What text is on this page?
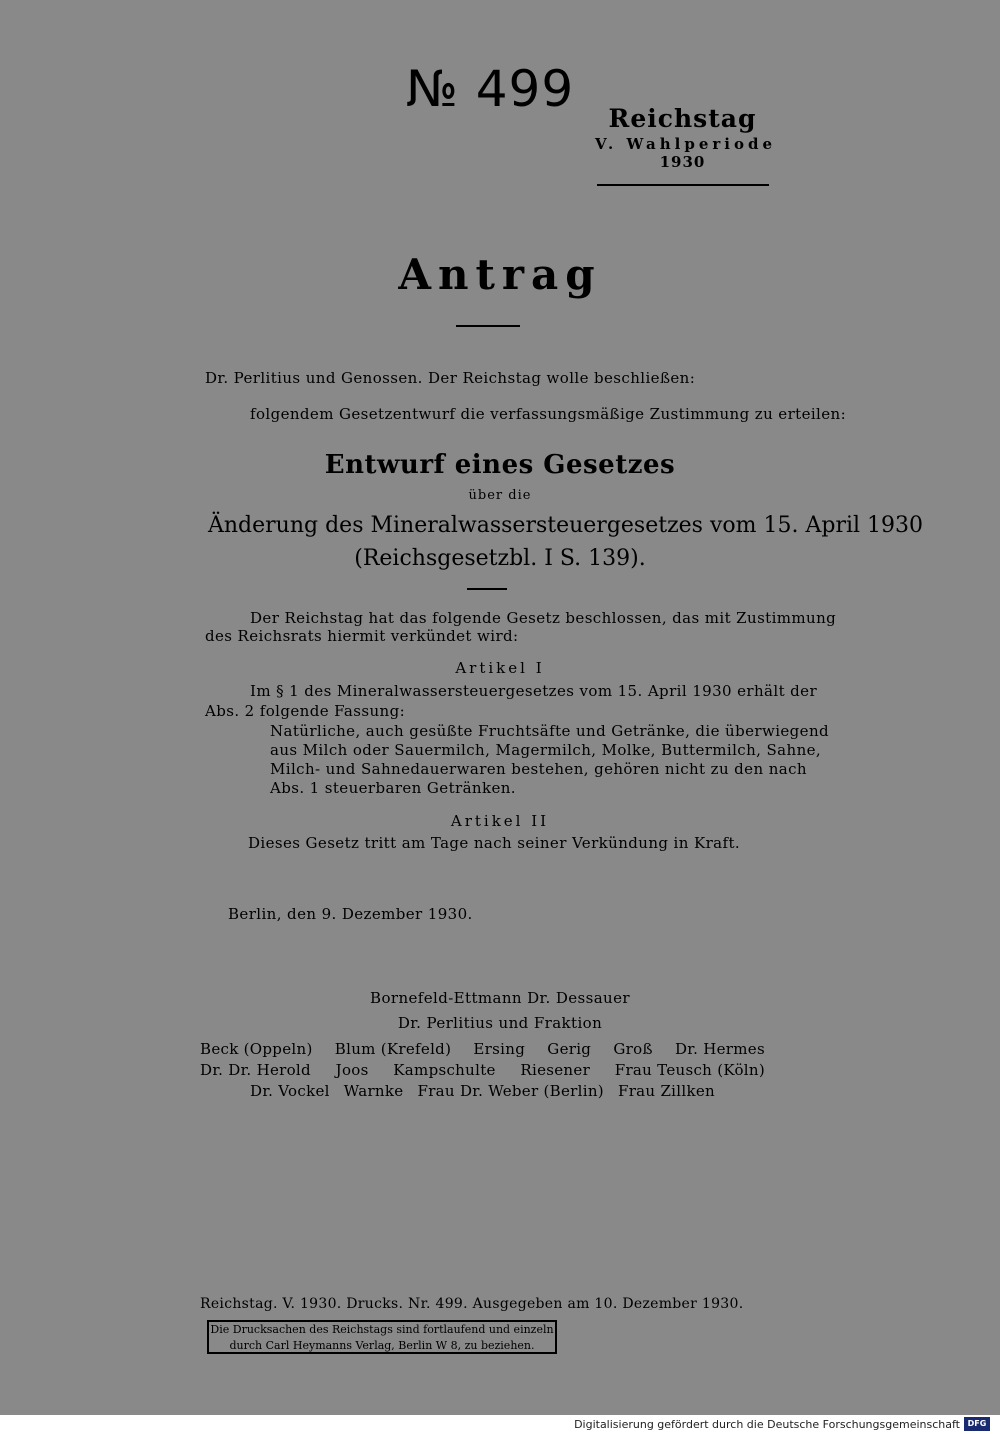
№ 499
Reichstag
V. Wahlperiode
1930
Antrag
Dr. Perlitius und Genossen. Der Reichstag wolle beschließen:
folgendem Gesetzentwurf die verfassungsmäßige Zustimmung zu erteilen:
Entwurf eines Gesetzes
über die
Änderung des Mineralwassersteuergesetzes vom 15. April 1930
(Reichsgesetzbl. I S. 139).
Der Reichstag hat das folgende Gesetz beschlossen, das mit Zustimmung
des Reichsrats hiermit verkündet wird:
Artikel I
Im § 1 des Mineralwassersteuergesetzes vom 15. April 1930 erhält der
Abs. 2 folgende Fassung:
Natürliche, auch gesüßte Fruchtsäfte und Getränke, die überwiegend
aus Milch oder Sauermilch, Magermilch, Molke, Buttermilch, Sahne,
Milch- und Sahnedauerwaren bestehen, gehören nicht zu den nach
Abs. 1 steuerbaren Getränken.
Artikel II
Dieses Gesetz tritt am Tage nach seiner Verkündung in Kraft.
Berlin, den 9. Dezember 1930.
Bornefeld-Ettmann Dr. Dessauer
Dr. Perlitius und Fraktion
Beck (Oppeln) Blum (Krefeld) Ersing Gerig Groß Dr. Hermes
Dr. Dr. Herold Joos Kampschulte Riesener Frau Teusch (Köln)
Dr. Vockel Warnke Frau Dr. Weber (Berlin) Frau Zillken
Reichstag. V. 1930. Drucks. Nr. 499. Ausgegeben am 10. Dezember 1930.
Die Drucksachen des Reichstags sind fortlaufend und einzeln
durch Carl Heymanns Verlag, Berlin W 8, zu beziehen.
Digitalisierung gefördert durch die Deutsche Forschungsgemeinschaft DFG
